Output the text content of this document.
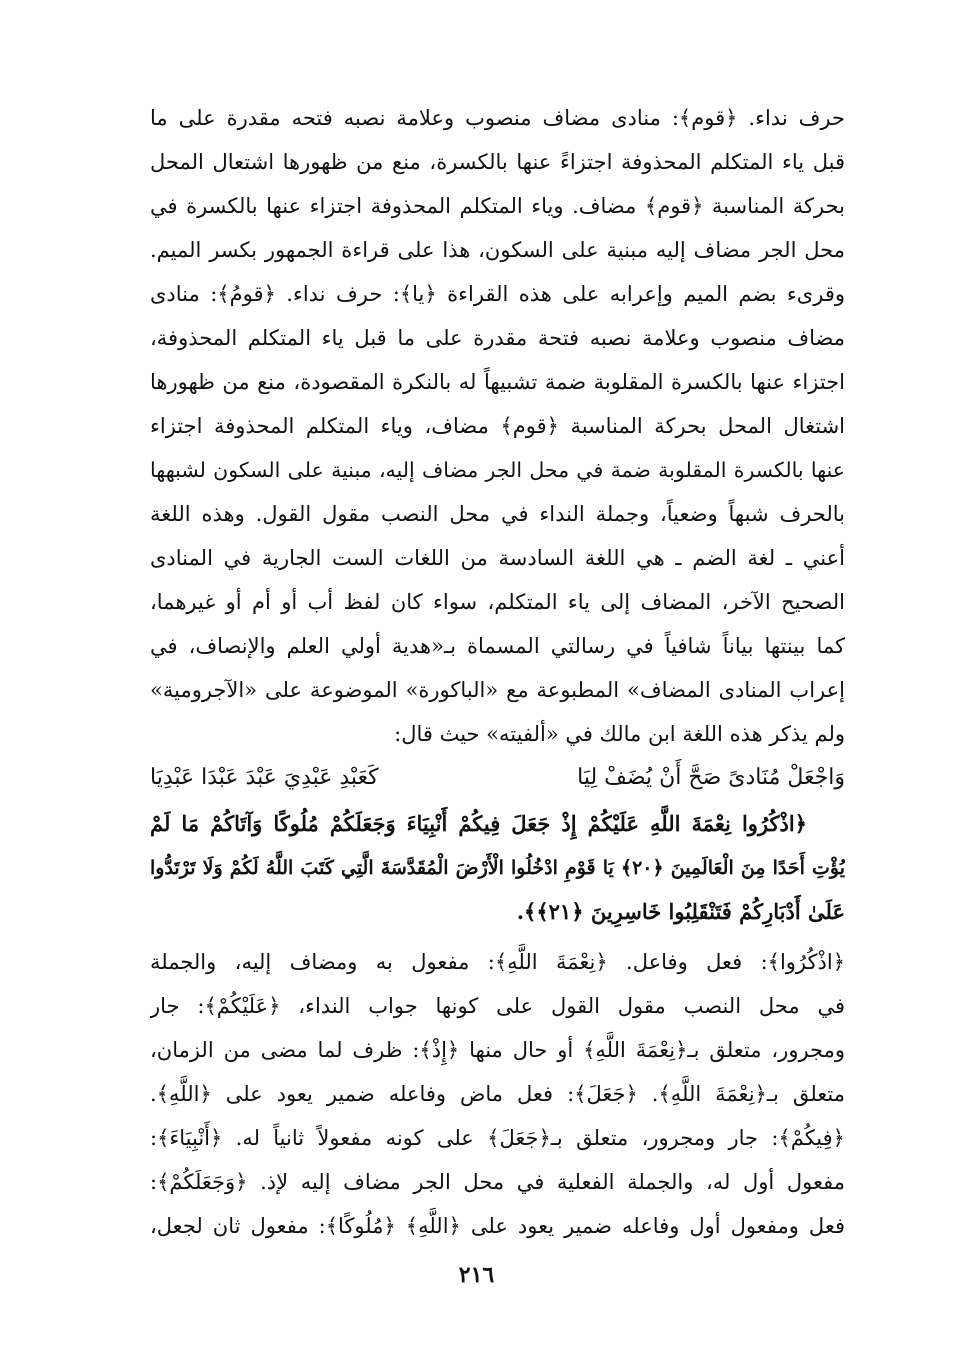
حرف نداء. ﴿قوم﴾: منادى مضاف منصوب وعلامة نصبه فتحه مقدرة على ما
قبل ياء المتكلم المحذوفة اجتزاءً عنها بالكسرة، منع من ظهورها اشتعال المحل
بحركة المناسبة ﴿قوم﴾ مضاف. وياء المتكلم المحذوفة اجتزاء عنها بالكسرة في
محل الجر مضاف إليه مبنية على السكون، هذا على قراءة الجمهور بكسر الميم.
وقرىء بضم الميم وإعرابه على هذه القراءة ﴿يا﴾: حرف نداء. ﴿قومُ﴾: منادى
مضاف منصوب وعلامة نصبه فتحة مقدرة على ما قبل ياء المتكلم المحذوفة،
اجتزاء عنها بالكسرة المقلوبة ضمة تشبيهاً له بالنكرة المقصودة، منع من ظهورها
اشتغال المحل بحركة المناسبة ﴿قوم﴾ مضاف، وياء المتكلم المحذوفة اجتزاء
عنها بالكسرة المقلوبة ضمة في محل الجر مضاف إليه، مبنية على السكون لشبهها
بالحرف شبهاً وضعياً، وجملة النداء في محل النصب مقول القول. وهذه اللغة
أعني ـ لغة الضم ـ هي اللغة السادسة من اللغات الست الجارية في المنادى
الصحيح الآخر، المضاف إلى ياء المتكلم، سواء كان لفظ أب أو أم أو غيرهما،
كما بينتها بياناً شافياً في رسالتي المسماة بـ«هدية أولي العلم والإنصاف، في
إعراب المنادى المضاف» المطبوعة مع «الباكورة» الموضوعة على «الآجرومية»
ولم يذكر هذه اللغة ابن مالك في «ألفيته» حيث قال:
وَاجْعَلْ مُنَادىً صَحَّ أَنْ يُضَفْ لِيَا
كَعَبْدِ عَبْدِيَ عَبْدَ عَبْدَا عَبْدِيَا
﴿اذْكُرُوا نِعْمَةَ اللَّهِ عَلَيْكُمْ إِذْ جَعَلَ فِيكُمْ أَنْبِيَاءَ وَجَعَلَكُمْ مُلُوكًا وَآتَاكُمْ مَا لَمْ
يُؤْتِ أَحَدًا مِنَ الْعَالَمِينَ ﴿٢٠﴾ يَا قَوْمِ ادْخُلُوا الْأَرْضَ الْمُقَدَّسَةَ الَّتِي كَتَبَ اللَّهُ لَكُمْ وَلَا تَرْتَدُّوا
عَلَىٰ أَدْبَارِكُمْ فَتَنْقَلِبُوا خَاسِرِينَ ﴿٢١﴾﴾.
﴿اذْكُرُوا﴾: فعل وفاعل. ﴿نِعْمَةَ اللَّهِ﴾: مفعول به ومضاف إليه، والجملة
في محل النصب مقول القول على كونها جواب النداء، ﴿عَلَيْكُمْ﴾: جار
ومجرور، متعلق بـ﴿نِعْمَةَ اللَّهِ﴾ أو حال منها ﴿إِذْ﴾: ظرف لما مضى من الزمان،
متعلق بـ﴿نِعْمَةَ اللَّهِ﴾. ﴿جَعَلَ﴾: فعل ماض وفاعله ضمير يعود على ﴿اللَّهِ﴾.
﴿فِيكُمْ﴾: جار ومجرور، متعلق بـ﴿جَعَلَ﴾ على كونه مفعولاً ثانياً له. ﴿أَنْبِيَاءَ﴾:
مفعول أول له، والجملة الفعلية في محل الجر مضاف إليه لإذ. ﴿وَجَعَلَكُمْ﴾:
فعل ومفعول أول وفاعله ضمير يعود على ﴿اللَّهِ﴾ ﴿مُلُوكًا﴾: مفعول ثان لجعل،
٢١٦
